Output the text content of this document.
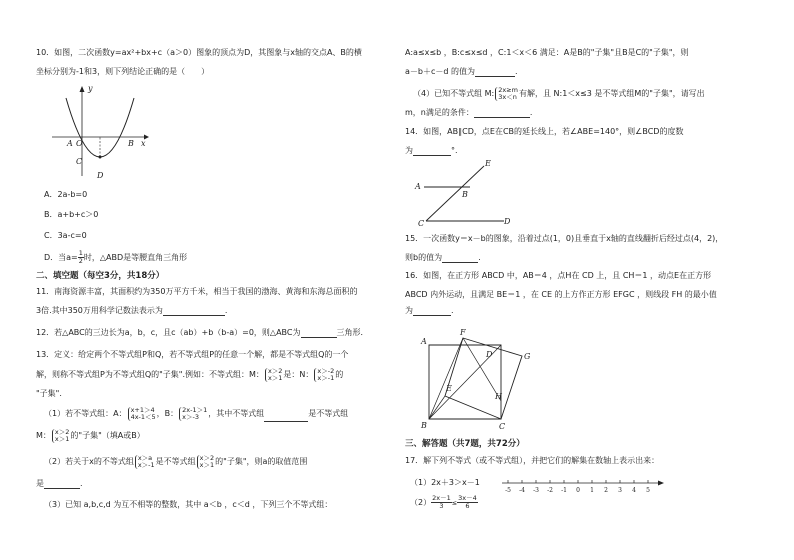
10．如图，二次函数y=ax²+bx+c（a＞0）图象的顶点为D，其图象与x轴的交点A、B的横
坐标分别为-1和3，则下列结论正确的是（　　）
y
O
A	B
C
D
x
A．2a-b=0
B．a+b+c＞0
C．3a-c=0
D．当$a= \frac{1}{2}$ 时，△ABD是等腰直角三角形
二、填空题（每空3分，共18分）
11．南海资源丰富，其面积约为350万平方千米，相当于我国的渤海、黄海和东海总面积的
3倍.其中350万用科学记数法表示为	.
12．若△ABC的三边长为a，b，c，且c（ab）+b（b-a）=0，则△ABC为	三角形．
13．定义：给定两个不等式组P和Q，若不等式组P的任意一个解，都是不等式组Q的一个
解，则称不等式组P为不等式组Q的"子集".例如：不等式组：M： x＞2
x＞1是：N： x＞-2
x＞-1的
"子集".
（1）若不等式组：A： x+1＞4
4x-1＜5，B： 2x-1＞1
x＞-3 ，其中不等式组	是不等式组
M： x＞2
x＞1的"子集"（填A或B）
（2）若关于x的不等式组 x＞a
x＞-1是不等式组 x＞2
x＞1的"子集"，则a的取值范围
是	.
（3）已知 a,b,c,d 为互不相等的整数，其中 a＜b ，c＜d ，下列三个不等式组：
A:a≤x≤b ，B:c≤x≤d ，C:1＜x＜6 满足：A是B的"子集"且B是C的"子集"，则
a－b＋c－d 的值为	.
（4）已知不等式组 M: 2x≥m
3x＜n 有解，且 N:1＜x≤3 是不等式组M的"子集"，请写出
m，n满足的条件：	.
14．如图，AB∥CD，点E在CB的延长线上，若∠ABE=140°，则∠BCD的度数
为	°.
A
B
C	D
E
15．一次函数y＝x－b的图象，沿着过点(1，0)且垂直于x轴的直线翻折后经过点(4，2)，
则b的值为	.
16．如图，在正方形 ABCD 中，AB＝4 ，点H在 CD 上，且 CH＝1 ，动点E在正方形
ABCD 内外运动，且满足 BE＝1 ，在 CE 的上方作正方形 EFGC ，则线段 FH 的最小值
为	.
A
B	C
D
E
F
G
H
三、解答题（共7题，共72分）
17．解下列不等式（或不等式组），并把它们的解集在数轴上表示出来：
（1）2x＋3＞x－1
-5 -4 -3 -2 -1 0 1 2 3 4 5
$(2) \frac{2x-1}{3} \le \frac{3x-4}{6}$
